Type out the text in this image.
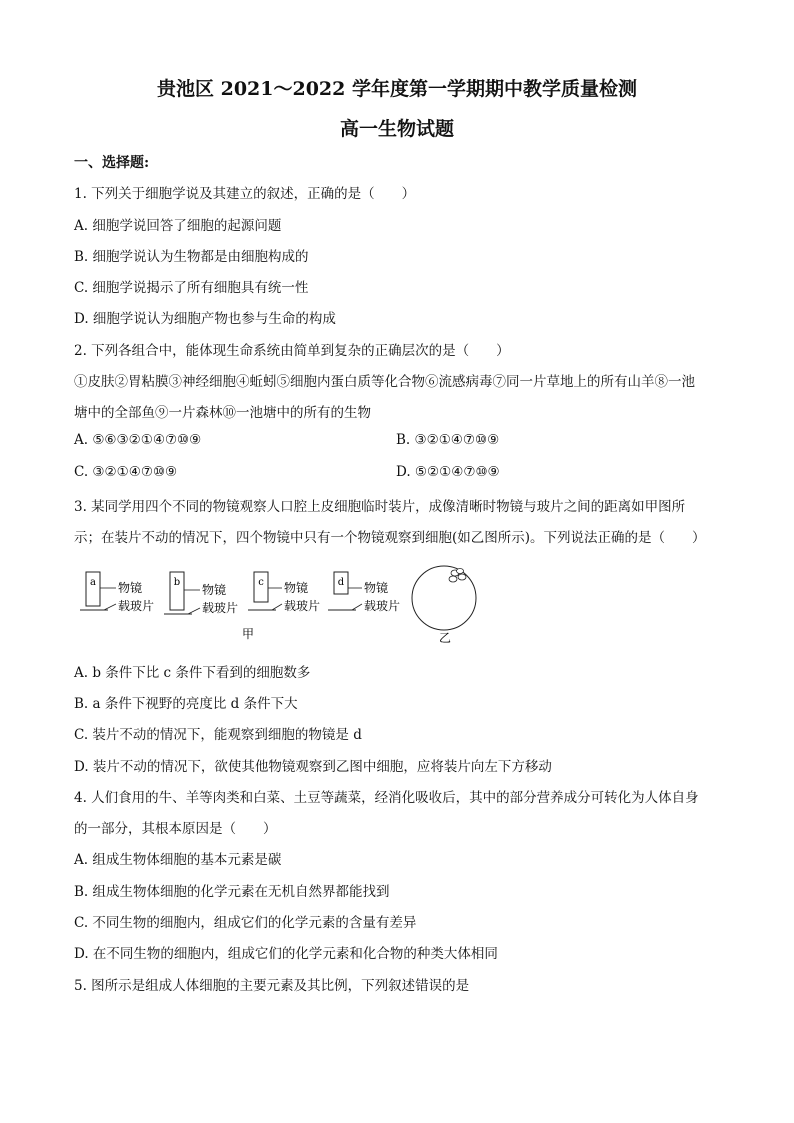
贵池区 2021～2022 学年度第一学期期中教学质量检测
高一生物试题
一、选择题:
1. 下列关于细胞学说及其建立的叙述，正确的是（　　）
A. 细胞学说回答了细胞的起源问题
B. 细胞学说认为生物都是由细胞构成的
C. 细胞学说揭示了所有细胞具有统一性
D. 细胞学说认为细胞产物也参与生命的构成
2. 下列各组合中，能体现生命系统由简单到复杂的正确层次的是（　　）
①皮肤②胃粘膜③神经细胞④蚯蚓⑤细胞内蛋白质等化合物⑥流感病毒⑦同一片草地上的所有山羊⑧一池
塘中的全部鱼⑨一片森林⑩一池塘中的所有的生物
A. ⑤⑥③②①④⑦⑩⑨	B. ③②①④⑦⑩⑨
C. ③②①④⑦⑩⑨	D. ⑤②①④⑦⑩⑨
3. 某同学用四个不同的物镜观察人口腔上皮细胞临时装片，成像清晰时物镜与玻片之间的距离如甲图所
示；在装片不动的情况下，四个物镜中只有一个物镜观察到细胞(如乙图所示)。下列说法正确的是（　　）
a 物镜
载玻片
b
物镜
载玻片
c 物镜
载玻片
d 物镜
载玻片
甲	乙
A. b 条件下比 c 条件下看到的细胞数多
B. a 条件下视野的亮度比 d 条件下大
C. 装片不动的情况下，能观察到细胞的物镜是 d
D. 装片不动的情况下，欲使其他物镜观察到乙图中细胞，应将装片向左下方移动
4. 人们食用的牛、羊等肉类和白菜、土豆等蔬菜，经消化吸收后，其中的部分营养成分可转化为人体自身
的一部分，其根本原因是（　　）
A. 组成生物体细胞的基本元素是碳
B. 组成生物体细胞的化学元素在无机自然界都能找到
C. 不同生物的细胞内，组成它们的化学元素的含量有差异
D. 在不同生物的细胞内，组成它们的化学元素和化合物的种类大体相同
5. 图所示是组成人体细胞的主要元素及其比例，下列叙述错误的是
